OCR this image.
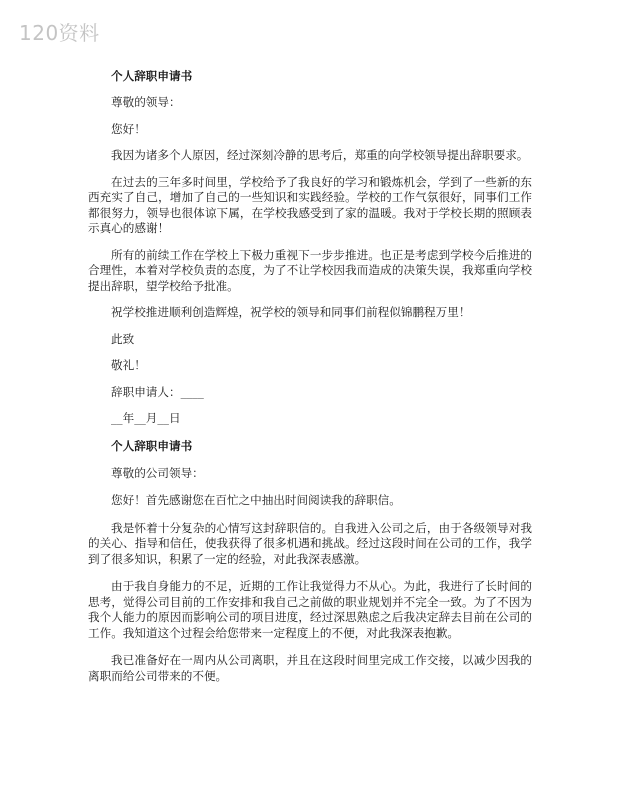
120资料
个人辞职申请书

尊敬的领导：

您好！

我因为诸多个人原因，经过深刻冷静的思考后，郑重的向学校领导提出辞职要求。

在过去的三年多时间里，学校给予了我良好的学习和锻炼机会，学到了一些新的东西充实了自己，增加了自己的一些知识和实践经验。学校的工作气氛很好，同事们工作都很努力，领导也很体谅下属，在学校我感受到了家的温暖。我对于学校长期的照顾表示真心的感谢！

所有的前续工作在学校上下极力重视下一步步推进。也正是考虑到学校今后推进的合理性，本着对学校负责的态度，为了不让学校因我而造成的决策失误，我郑重向学校提出辞职，望学校给予批准。

祝学校推进顺利创造辉煌，祝学校的领导和同事们前程似锦鹏程万里！

此致

敬礼！

辞职申请人：____

__年__月__日

个人辞职申请书

尊敬的公司领导：

您好！首先感谢您在百忙之中抽出时间阅读我的辞职信。

我是怀着十分复杂的心情写这封辞职信的。自我进入公司之后，由于各级领导对我的关心、指导和信任，使我获得了很多机遇和挑战。经过这段时间在公司的工作，我学到了很多知识，积累了一定的经验，对此我深表感激。

由于我自身能力的不足，近期的工作让我觉得力不从心。为此，我进行了长时间的思考，觉得公司目前的工作安排和我自己之前做的职业规划并不完全一致。为了不因为我个人能力的原因而影响公司的项目进度，经过深思熟虑之后我决定辞去目前在公司的工作。我知道这个过程会给您带来一定程度上的不便，对此我深表抱歉。

我已准备好在一周内从公司离职，并且在这段时间里完成工作交接，以减少因我的离职而给公司带来的不便。
